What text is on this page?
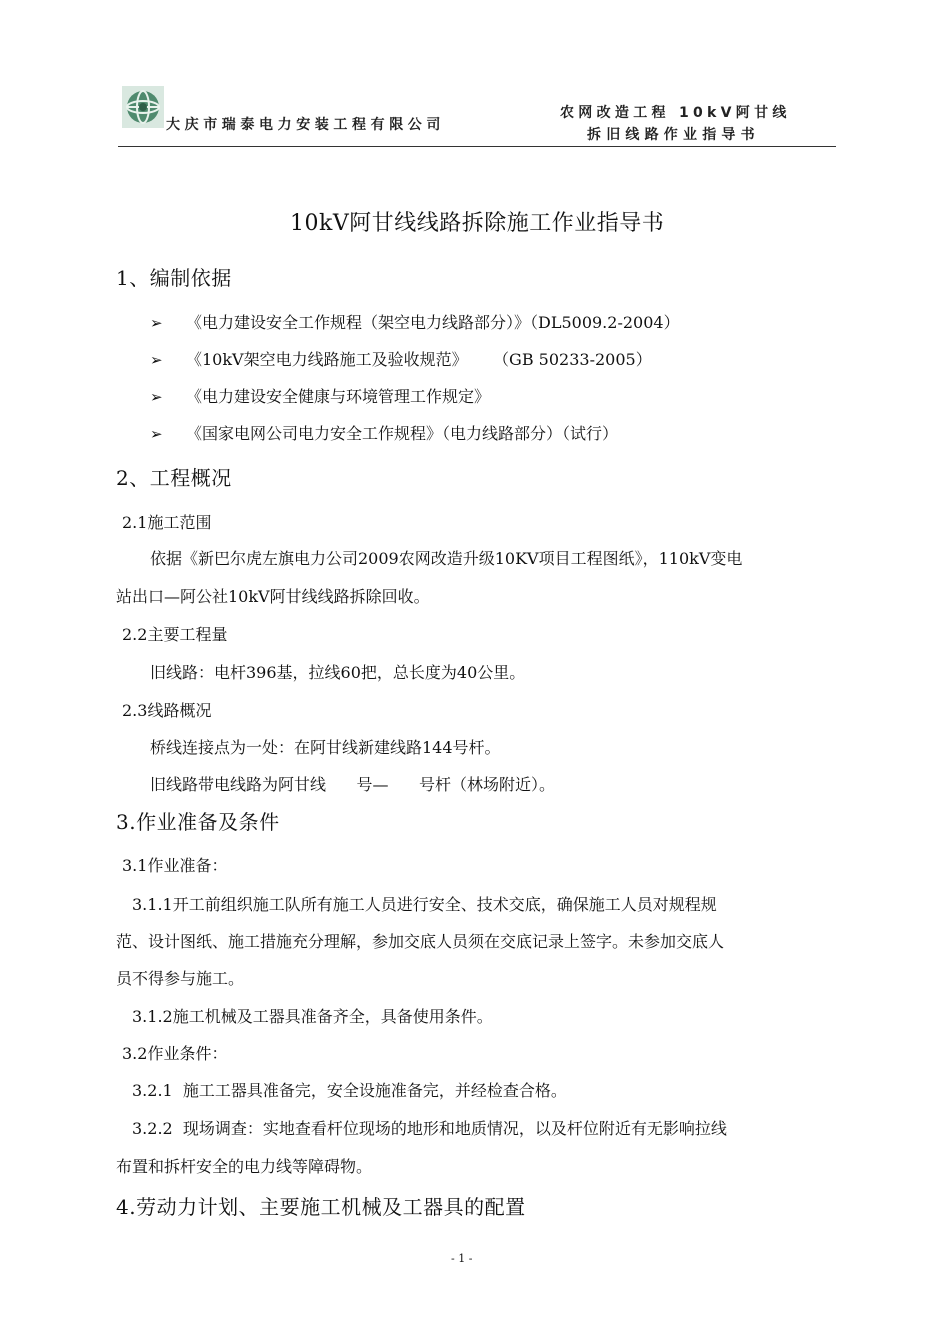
大庆市瑞泰电力安装工程有限公司
农网改造工程 10kV阿甘线
拆旧线路作业指导书
10kV阿甘线线路拆除施工作业指导书
1、编制依据
➢ 《电力建设安全工作规程（架空电力线路部分）》（DL5009.2-2004）
➢ 《10kV架空电力线路施工及验收规范》     （GB 50233-2005）
➢ 《电力建设安全健康与环境管理工作规定》
➢ 《国家电网公司电力安全工作规程》（电力线路部分）（试行）
2、工程概况
2.1施工范围
依据《新巴尔虎左旗电力公司2009农网改造升级10KV项目工程图纸》，110kV变电
站出口—阿公社10kV阿甘线线路拆除回收。
2.2主要工程量
旧线路：电杆396基，拉线60把，总长度为40公里。
2.3线路概况
桥线连接点为一处：在阿甘线新建线路144号杆。
旧线路带电线路为阿甘线      号—      号杆（林场附近）。
3.作业准备及条件
3.1作业准备：
3.1.1开工前组织施工队所有施工人员进行安全、技术交底，确保施工人员对规程规
范、设计图纸、施工措施充分理解，参加交底人员须在交底记录上签字。未参加交底人
员不得参与施工。
3.1.2施工机械及工器具准备齐全，具备使用条件。
3.2作业条件：
3.2.1  施工工器具准备完，安全设施准备完，并经检查合格。
3.2.2  现场调查：实地查看杆位现场的地形和地质情况，以及杆位附近有无影响拉线
布置和拆杆安全的电力线等障碍物。
4.劳动力计划、主要施工机械及工器具的配置
- 1 -
